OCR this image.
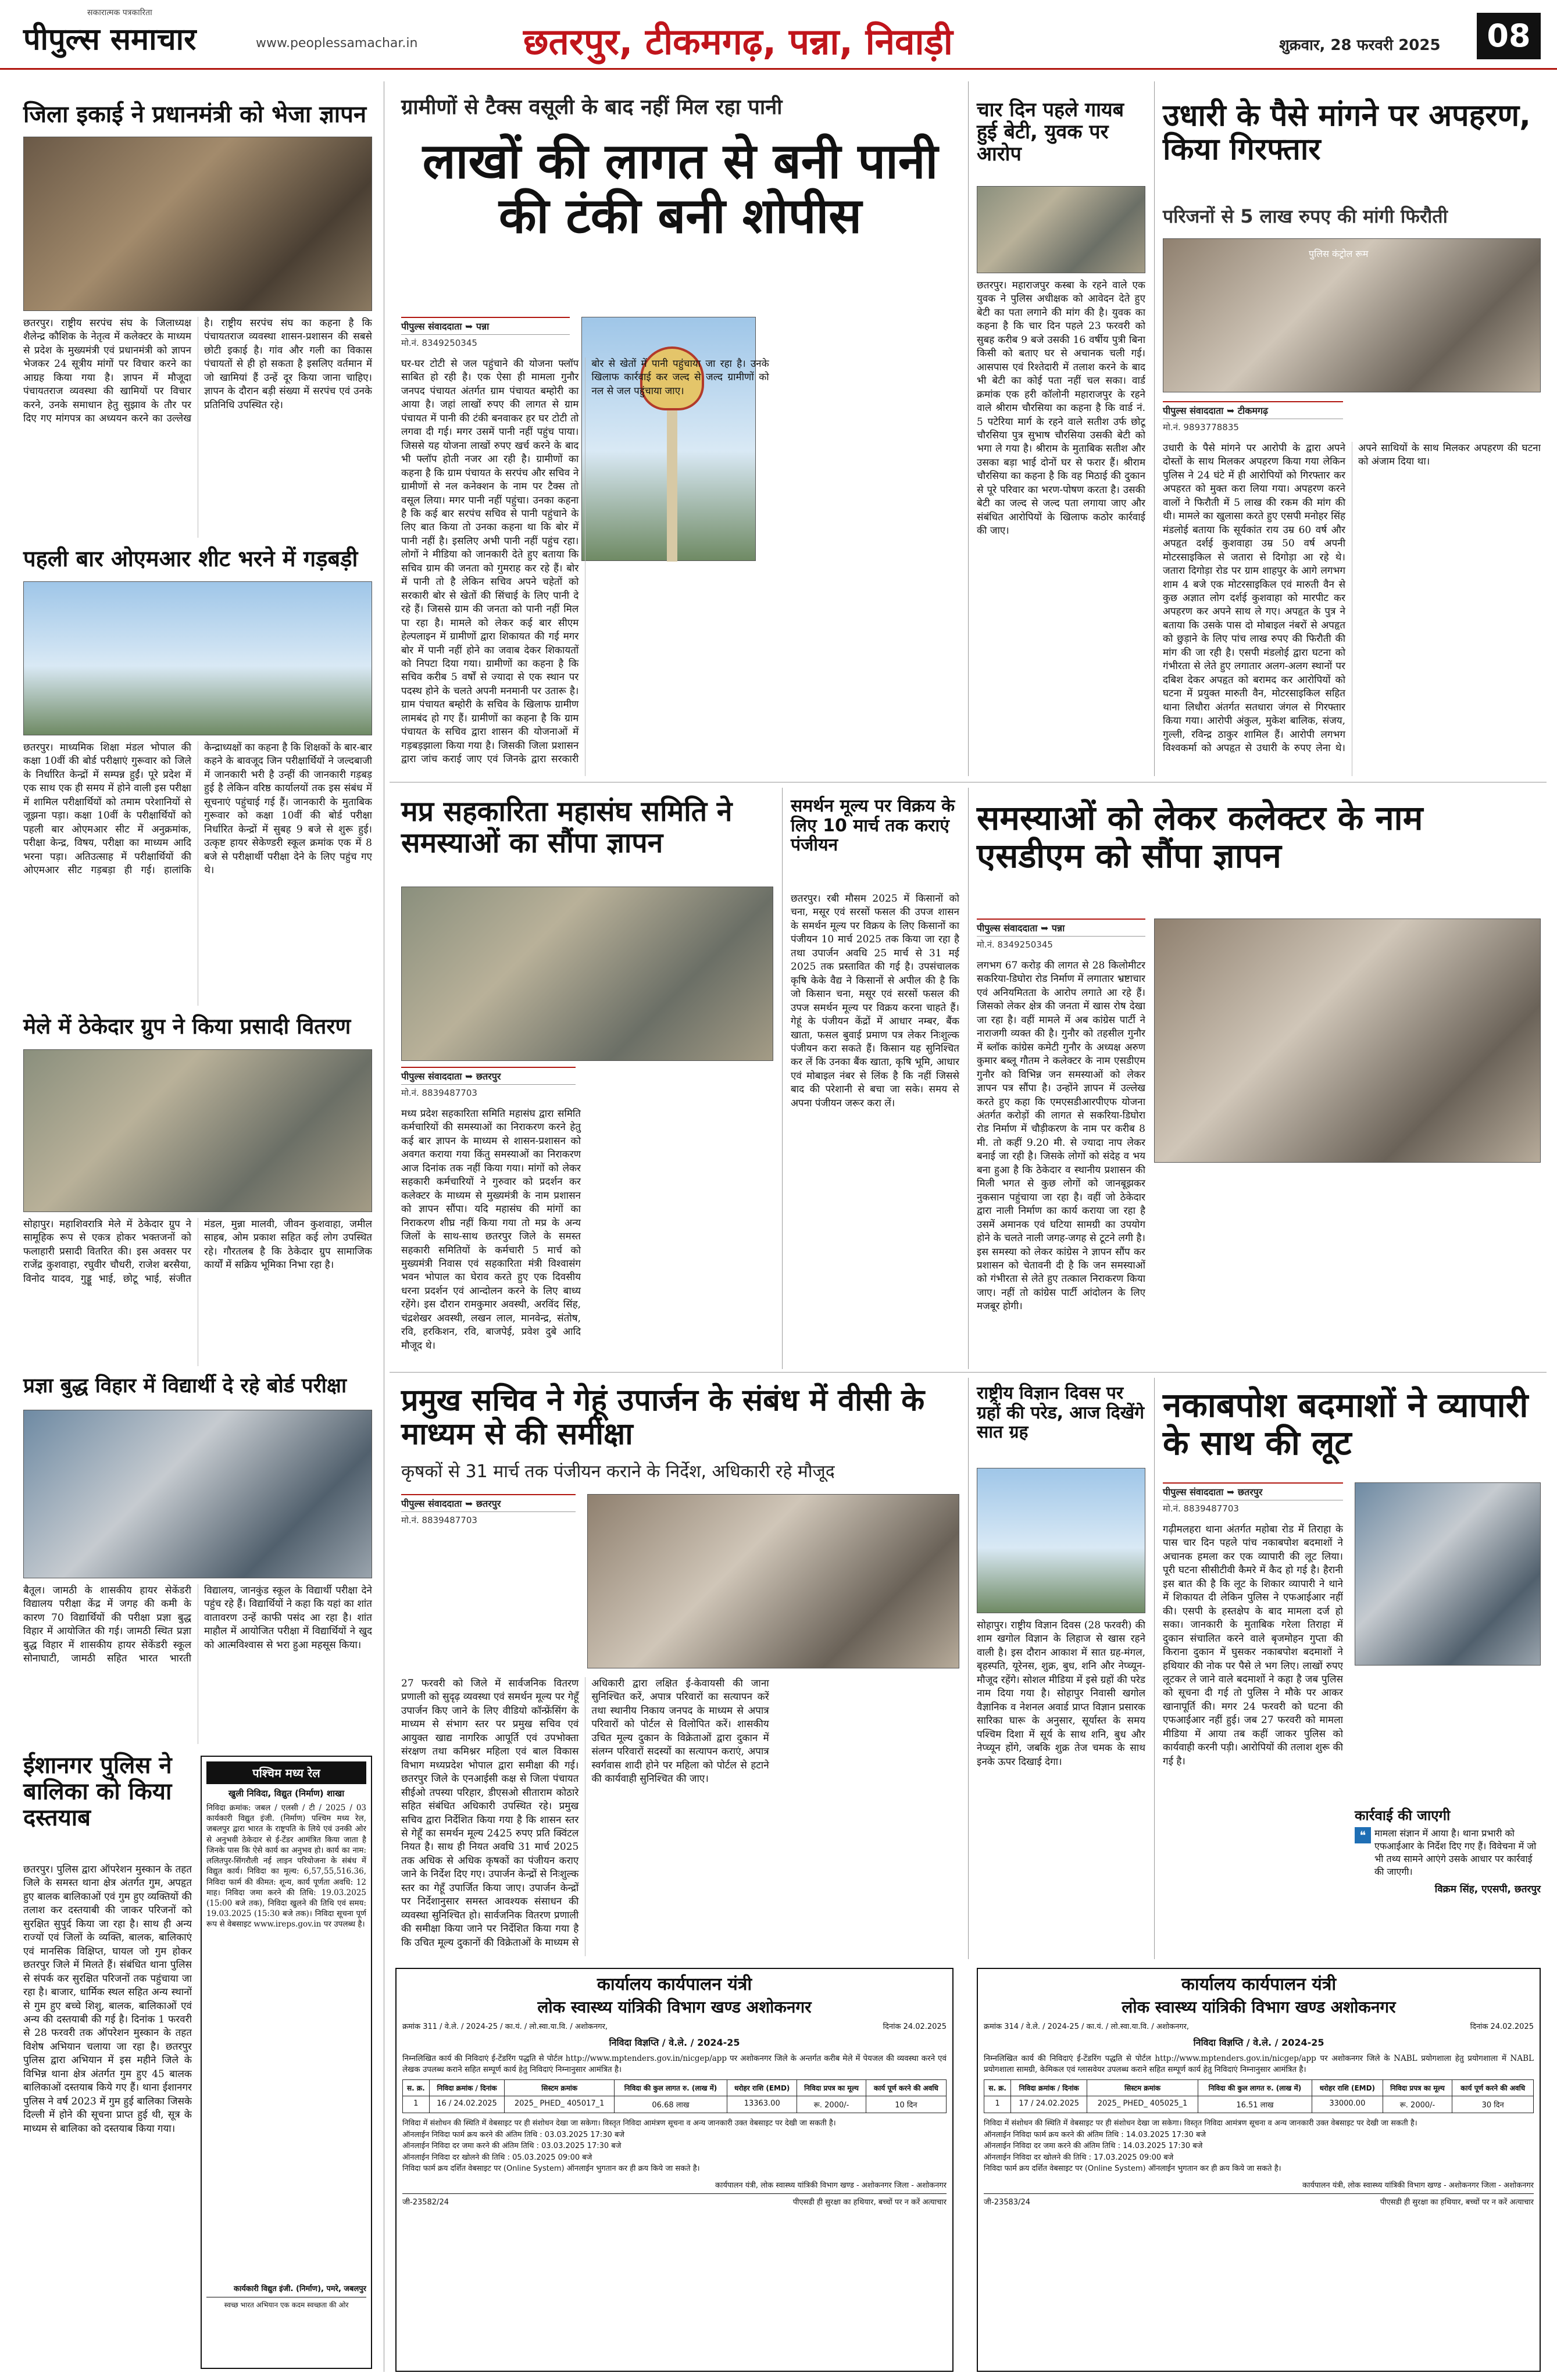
पीपुल्स समाचार
सकारात्मक पत्रकारिता
www.peoplessamachar.in	छतरपुर, टीकमगढ़, पन्ना, निवाड़ी	शुक्रवार, 28 फरवरी 2025	08
जिला इकाई ने प्रधानमंत्री को भेजा ज्ञापन
छतरपुर। राष्ट्रीय सरपंच संघ के जिलाध्यक्ष शैलेन्द्र कौशिक के नेतृत्व में कलेक्टर के माध्यम से प्रदेश के मुख्यमंत्री एवं प्रधानमंत्री को ज्ञापन भेजकर 24 सूत्रीय मांगों पर विचार करने का आग्रह किया गया है। ज्ञापन में मौजूदा पंचायतराज व्यवस्था की खामियों पर विचार करने, उनके समाधान हेतु सुझाव के तौर पर दिए गए मांगपत्र का अध्ययन करने का उल्लेख है। राष्ट्रीय सरपंच संघ का कहना है कि पंचायतराज व्यवस्था शासन-प्रशासन की सबसे छोटी इकाई है। गांव और गली का विकास पंचायतों से ही हो सकता है इसलिए वर्तमान में जो खामियां हैं उन्हें दूर किया जाना चाहिए। ज्ञापन के दौरान बड़ी संख्या में सरपंच एवं उनके प्रतिनिधि उपस्थित रहे।
पहली बार ओएमआर शीट भरने में गड़बड़ी
छतरपुर। माध्यमिक शिक्षा मंडल भोपाल की कक्षा 10वीं की बोर्ड परीक्षाएं गुरूवार को जिले के निर्धारित केन्द्रों में सम्पन्न हुईं। पूरे प्रदेश में एक साथ एक ही समय में होने वाली इस परीक्षा में शामिल परीक्षार्थियों को तमाम परेशानियों से जूझना पड़ा। कक्षा 10वीं के परीक्षार्थियों को पहली बार ओएमआर सीट में अनुक्रमांक, परीक्षा केन्द्र, विषय, परीक्षा का माध्यम आदि भरना पड़ा। अतिउत्साह में परीक्षार्थियों की ओएमआर सीट गड़बड़ा ही गई। हालांकि केन्द्राध्यक्षों का कहना है कि शिक्षकों के बार-बार कहने के बावजूद जिन परीक्षार्थियों ने जल्दबाजी में जानकारी भरी है उन्हीं की जानकारी गड़बड़ हुई है लेकिन वरिष्ठ कार्यालयों तक इस संबंध में सूचनाएं पहुंचाई गई हैं। जानकारी के मुताबिक गुरूवार को कक्षा 10वीं की बोर्ड परीक्षा निर्धारित केन्द्रों में सुबह 9 बजे से शुरू हुई। उत्कृष्ट हायर सेकेण्डरी स्कूल क्रमांक एक में 8 बजे से परीक्षार्थी परीक्षा देने के लिए पहुंच गए थे।
मेले में ठेकेदार ग्रुप ने किया प्रसादी वितरण
सोहापुर। महाशिवरात्रि मेले में ठेकेदार ग्रुप ने सामूहिक रूप से एकत्र होकर भक्तजनों को फलाहारी प्रसादी वितरित की। इस अवसर पर राजेंद्र कुशवाहा, रघुवीर चौधरी, राजेश बरसैया, विनोद यादव, गुड्डू भाई, छोटू भाई, संजीत मंडल, मुन्ना मालवी, जीवन कुशवाहा, जमील साहब, ओम प्रकाश सहित कई लोग उपस्थित रहे। गौरतलब है कि ठेकेदार ग्रुप सामाजिक कार्यों में सक्रिय भूमिका निभा रहा है।
प्रज्ञा बुद्ध विहार में विद्यार्थी दे रहे बोर्ड परीक्षा
बैतूल। जामठी के शासकीय हायर सेकेंडरी विद्यालय परीक्षा केंद्र में जगह की कमी के कारण 70 विद्यार्थियों की परीक्षा प्रज्ञा बुद्ध विहार में आयोजित की गई। जामठी स्थित प्रज्ञा बुद्ध विहार में शासकीय हायर सेकेंडरी स्कूल सोनाघाटी, जामठी सहित भारत भारती विद्यालय, जानकुंड स्कूल के विद्यार्थी परीक्षा देने पहुंच रहे हैं। विद्यार्थियों ने कहा कि यहां का शांत वातावरण उन्हें काफी पसंद आ रहा है। शांत माहौल में आयोजित परीक्षा में विद्यार्थियों ने खुद को आत्मविश्वास से भरा हुआ महसूस किया।
ईशानगर पुलिस ने बालिका को किया दस्तयाब
छतरपुर। पुलिस द्वारा ऑपरेशन मुस्कान के तहत जिले के समस्त थाना क्षेत्र अंतर्गत गुम, अपहृत हुए बालक बालिकाओं एवं गुम हुए व्यक्तियों की तलाश कर दस्तयाबी की जाकर परिजनों को सुरक्षित सुपुर्द किया जा रहा है। साथ ही अन्य राज्यों एवं जिलों के व्यक्ति, बालक, बालिकाएं एवं मानसिक विक्षिप्त, घायल जो गुम होकर छतरपुर जिले में मिलते हैं। संबंधित थाना पुलिस से संपर्क कर सुरक्षित परिजनों तक पहुंचाया जा रहा है। बाजार, धार्मिक स्थल सहित अन्य स्थानों से गुम हुए बच्चे शिशु, बालक, बालिकाओं एवं अन्य की दस्तयाबी की गई है। दिनांक 1 फरवरी से 28 फरवरी तक ऑपरेशन मुस्कान के तहत विशेष अभियान चलाया जा रहा है। छतरपुर पुलिस द्वारा अभियान में इस महीने जिले के विभिन्न थाना क्षेत्र अंतर्गत गुम हुए 45 बालक बालिकाओं दस्तयाब किये गए हैं। थाना ईशानगर पुलिस ने वर्ष 2023 में गुम हुई बालिका जिसके दिल्ली में होने की सूचना प्राप्त हुई थी, सूत्र के माध्यम से बालिका को दस्तयाब किया गया।
पश्चिम मध्य रेल
खुली निविदा, विद्युत (निर्माण) शाखा
निविदा क्रमांक: जबल / एलसी / टी / 2025 / 03 कार्यकारी विद्युत इंजी. (निर्माण) पश्चिम मध्य रेल, जबलपुर द्वारा भारत के राष्ट्रपति के लिये एवं उनकी ओर से अनुभवी ठेकेदार से ई-टेंडर आमंत्रित किया जाता है जिनके पास कि ऐसे कार्य का अनुभव हो। कार्य का नाम: ललितपुर-सिंगरौली नई लाइन परियोजना के संबंध में विद्युत कार्य। निविदा का मूल्य: 6,57,55,516.36, निविदा फार्म की कीमत: शून्य, कार्य पूर्णता अवधि: 12 माह। निविदा जमा करने की तिथि: 19.03.2025 (15:00 बजे तक), निविदा खुलने की तिथि एवं समय: 19.03.2025 (15:30 बजे तक)। निविदा सूचना पूर्ण रूप से वेबसाइट www.ireps.gov.in पर उपलब्ध है।
कार्यकारी विद्युत इंजी. (निर्माण), पमरे, जबलपुर
स्वच्छ भारत अभियान एक कदम स्वच्छता की ओर
ग्रामीणों से टैक्स वसूली के बाद नहीं मिल रहा पानी
लाखों की लागत से बनी पानी की टंकी बनी शोपीस
पीपुल्स संवाददाता ➥ पन्ना
मो.नं. 8349250345
घर-घर टोटी से जल पहुंचाने की योजना फ्लॉप साबित हो रही है। एक ऐसा ही मामला गुनौर जनपद पंचायत अंतर्गत ग्राम पंचायत बम्होरी का आया है। जहां लाखों रुपए की लागत से ग्राम पंचायत में पानी की टंकी बनवाकर हर घर टोटी तो लगवा दी गई। मगर उसमें पानी नहीं पहुंच पाया। जिससे यह योजना लाखों रुपए खर्च करने के बाद भी फ्लॉप होती नजर आ रही है। ग्रामीणों का कहना है कि ग्राम पंचायत के सरपंच और सचिव ने ग्रामीणों से नल कनेक्शन के नाम पर टैक्स तो वसूल लिया। मगर पानी नहीं पहुंचा। उनका कहना है कि कई बार सरपंच सचिव से पानी पहुंचाने के लिए बात किया तो उनका कहना था कि बोर में पानी नहीं है। इसलिए अभी पानी नहीं पहुंच रहा। लोगों ने मीडिया को जानकारी देते हुए बताया कि सचिव ग्राम की जनता को गुमराह कर रहे हैं। बोर में पानी तो है लेकिन सचिव अपने चहेतों को सरकारी बोर से खेतों की सिंचाई के लिए पानी दे रहे हैं। जिससे ग्राम की जनता को पानी नहीं मिल पा रहा है। मामले को लेकर कई बार सीएम हेल्पलाइन में ग्रामीणों द्वारा शिकायत की गई मगर बोर में पानी नहीं होने का जवाब देकर शिकायतों को निपटा दिया गया। ग्रामीणों का कहना है कि सचिव करीब 5 वर्षों से ज्यादा से एक स्थान पर पदस्थ होने के चलते अपनी मनमानी पर उतारू है। ग्राम पंचायत बम्होरी के सचिव के खिलाफ ग्रामीण लामबंद हो गए हैं। ग्रामीणों का कहना है कि ग्राम पंचायत के सचिव द्वारा शासन की योजनाओं में गड़बड़झाला किया गया है। जिसकी जिला प्रशासन द्वारा जांच कराई जाए एवं जिनके द्वारा सरकारी बोर से खेतों में पानी पहुंचाया जा रहा है। उनके खिलाफ कार्रवाई कर जल्द से जल्द ग्रामीणों को नल से जल पहुंचाया जाए।
चार दिन पहले गायब हुई बेटी, युवक पर आरोप
छतरपुर। महाराजपुर कस्बा के रहने वाले एक युवक ने पुलिस अधीक्षक को आवेदन देते हुए बेटी का पता लगाने की मांग की है। युवक का कहना है कि चार दिन पहले 23 फरवरी को सुबह करीब 9 बजे उसकी 16 वर्षीय पुत्री बिना किसी को बताए घर से अचानक चली गई। आसपास एवं रिश्तेदारी में तलाश करने के बाद भी बेटी का कोई पता नहीं चल सका। वार्ड क्रमांक एक हरी कॉलोनी महाराजपुर के रहने वाले श्रीराम चौरसिया का कहना है कि वार्ड नं. 5 पटेरिया मार्ग के रहने वाले सतीश उर्फ छोटू चौरसिया पुत्र सुभाष चौरसिया उसकी बेटी को भगा ले गया है। श्रीराम के मुताबिक सतीश और उसका बड़ा भाई दोनों घर से फरार हैं। श्रीराम चौरसिया का कहना है कि वह मिठाई की दुकान से पूरे परिवार का भरण-पोषण करता है। उसकी बेटी का जल्द से जल्द पता लगाया जाए और संबंधित आरोपियों के खिलाफ कठोर कार्रवाई की जाए।
उधारी के पैसे मांगने पर अपहरण, किया गिरफ्तार
परिजनों से 5 लाख रुपए की मांगी फिरौती
पुलिस कंट्रोल रूम
पीपुल्स संवाददाता ➥ टीकमगढ़
मो.नं. 9893778835
उधारी के पैसे मांगने पर आरोपी के द्वारा अपने दोस्तों के साथ मिलकर अपहरण किया गया लेकिन पुलिस ने 24 घंटे में ही आरोपियों को गिरफ्तार कर अपहरत को मुक्त करा लिया गया। अपहरण करने वालों ने फिरौती में 5 लाख की रकम की मांग की थी। मामले का खुलासा करते हुए एसपी मनोहर सिंह मंडलोई बताया कि सूर्यकांत राय उम्र 60 वर्ष और अपहृत दर्शई कुशवाहा उम्र 50 वर्ष अपनी मोटरसाइकिल से जतारा से दिगोड़ा आ रहे थे। जतारा दिगोड़ा रोड पर ग्राम शाहपुर के आगे लगभग शाम 4 बजे एक मोटरसाइकिल एवं मारुती वैन से कुछ अज्ञात लोग दर्शई कुशवाहा को मारपीट कर अपहरण कर अपने साथ ले गए। अपहृत के पुत्र ने बताया कि उसके पास दो मोबाइल नंबरों से अपहृत को छुड़ाने के लिए पांच लाख रुपए की फिरौती की मांग की जा रही है। एसपी मंडलोई द्वारा घटना को गंभीरता से लेते हुए लगातार अलग-अलग स्थानों पर दबिश देकर अपहृत को बरामद कर आरोपियों को घटना में प्रयुक्त मारुती वैन, मोटरसाइकिल सहित थाना लिधौरा अंतर्गत सतधारा जंगल से गिरफ्तार किया गया। आरोपी अंकुल, मुकेश बालिक, संजय, गुल्ली, रविन्द्र ठाकुर शामिल हैं। आरोपी लगभग विश्वकर्मा को अपहृत से उधारी के रुपए लेना थे। अपने साथियों के साथ मिलकर अपहरण की घटना को अंजाम दिया था।
मप्र सहकारिता महासंघ समिति ने समस्याओं का सौंपा ज्ञापन
पीपुल्स संवाददाता ➥ छतरपुर
मो.नं. 8839487703
मध्य प्रदेश सहकारिता समिति महासंघ द्वारा समिति कर्मचारियों की समस्याओं का निराकरण करने हेतु कई बार ज्ञापन के माध्यम से शासन-प्रशासन को अवगत कराया गया किंतु समस्याओं का निराकरण आज दिनांक तक नहीं किया गया। मांगों को लेकर सहकारी कर्मचारियों ने गुरुवार को प्रदर्शन कर कलेक्टर के माध्यम से मुख्यमंत्री के नाम प्रशासन को ज्ञापन सौंपा। यदि महासंघ की मांगों का निराकरण शीघ्र नहीं किया गया तो मप्र के अन्य जिलों के साथ-साथ छतरपुर जिले के समस्त सहकारी समितियों के कर्मचारी 5 मार्च को मुख्यमंत्री निवास एवं सहकारिता मंत्री विश्वासंग भवन भोपाल का घेराव करते हुए एक दिवसीय धरना प्रदर्शन एवं आन्दोलन करने के लिए बाध्य रहेंगे। इस दौरान रामकुमार अवस्थी, अरविंद सिंह, चंद्रशेखर अवस्थी, लखन लाल, मानवेन्द्र, संतोष, रवि, हरकिशन, रवि, बाजपेई, प्रवेश दुबे आदि मौजूद थे।
समर्थन मूल्य पर विक्रय के लिए 10 मार्च तक कराएं पंजीयन
छतरपुर। रबी मौसम 2025 में किसानों को चना, मसूर एवं सरसों फसल की उपज शासन के समर्थन मूल्य पर विक्रय के लिए किसानों का पंजीयन 10 मार्च 2025 तक किया जा रहा है तथा उपार्जन अवधि 25 मार्च से 31 मई 2025 तक प्रस्तावित की गई है। उपसंचालक कृषि केके वैद्य ने किसानों से अपील की है कि जो किसान चना, मसूर एवं सरसों फसल की उपज समर्थन मूल्य पर विक्रय करना चाहते हैं। गेहूं के पंजीयन केंद्रों में आधार नम्बर, बैंक खाता, फसल बुवाई प्रमाण पत्र लेकर निःशुल्क पंजीयन करा सकते हैं। किसान यह सुनिश्चित कर लें कि उनका बैंक खाता, कृषि भूमि, आधार एवं मोबाइल नंबर से लिंक है कि नहीं जिससे बाद की परेशानी से बचा जा सके। समय से अपना पंजीयन जरूर करा लें।
समस्याओं को लेकर कलेक्टर के नाम एसडीएम को सौंपा ज्ञापन
पीपुल्स संवाददाता ➥ पन्ना
मो.नं. 8349250345
लगभग 67 करोड़ की लागत से 28 किलोमीटर सकरिया-डिघोरा रोड निर्माण में लगातार भ्रष्टाचार एवं अनियमितता के आरोप लगाते आ रहे हैं। जिसको लेकर क्षेत्र की जनता में खास रोष देखा जा रहा है। वहीं मामले में अब कांग्रेस पार्टी ने नाराजगी व्यक्त की है। गुनौर को तहसील गुनौर में ब्लॉक कांग्रेस कमेटी गुनौर के अध्यक्ष अरुण कुमार बब्लू गौतम ने कलेक्टर के नाम एसडीएम गुनौर को विभिन्न जन समस्याओं को लेकर ज्ञापन पत्र सौंपा है। उन्होंने ज्ञापन में उल्लेख करते हुए कहा कि एमएसडीआरपीएफ योजना अंतर्गत करोड़ों की लागत से सकरिया-डिघोरा रोड निर्माण में चौड़ीकरण के नाम पर करीब 8 मी. तो कहीं 9.20 मी. से ज्यादा नाप लेकर बनाई जा रही है। जिसके लोगों को संदेह व भय बना हुआ है कि ठेकेदार व स्थानीय प्रशासन की मिली भगत से कुछ लोगों को जानबूझकर नुकसान पहुंचाया जा रहा है। वहीं जो ठेकेदार द्वारा नाली निर्माण का कार्य कराया जा रहा है उसमें अमानक एवं घटिया सामग्री का उपयोग होने के चलते नाली जगह-जगह से टूटने लगी है। इस समस्या को लेकर कांग्रेस ने ज्ञापन सौंप कर प्रशासन को चेतावनी दी है कि जन समस्याओं को गंभीरता से लेते हुए तत्काल निराकरण किया जाए। नहीं तो कांग्रेस पार्टी आंदोलन के लिए मजबूर होगी।
प्रमुख सचिव ने गेहूं उपार्जन के संबंध में वीसी के माध्यम से की समीक्षा
कृषकों से 31 मार्च तक पंजीयन कराने के निर्देश, अधिकारी रहे मौजूद
पीपुल्स संवाददाता ➥ छतरपुर
मो.नं. 8839487703
27 फरवरी को जिले में सार्वजनिक वितरण प्रणाली को सुदृढ़ व्यवस्था एवं समर्थन मूल्य पर गेहूँ उपार्जन किए जाने के लिए वीडियो कॉन्फ्रेंसिंग के माध्यम से संभाग स्तर पर प्रमुख सचिव एवं आयुक्त खाद्य नागरिक आपूर्ति एवं उपभोक्ता संरक्षण तथा कमिश्नर महिला एवं बाल विकास विभाग मध्यप्रदेश भोपाल द्वारा समीक्षा की गई। छतरपुर जिले के एनआईसी कक्ष से जिला पंचायत सीईओ तपस्या परिहार, डीएसओ सीताराम कोठारे सहित संबंधित अधिकारी उपस्थित रहे। प्रमुख सचिव द्वारा निर्देशित किया गया है कि शासन स्तर से गेहूँ का समर्थन मूल्य 2425 रुपए प्रति क्विंटल नियत है। साथ ही नियत अवधि 31 मार्च 2025 तक अधिक से अधिक कृषकों का पंजीयन कराए जाने के निर्देश दिए गए। उपार्जन केन्द्रों से निःशुल्क स्तर का गेहूँ उपार्जित किया जाए। उपार्जन केन्द्रों पर निर्देशानुसार समस्त आवश्यक संसाधन की व्यवस्था सुनिश्चित हो। सार्वजनिक वितरण प्रणाली की समीक्षा किया जाने पर निर्देशित किया गया है कि उचित मूल्य दुकानों की विक्रेताओं के माध्यम से अधिकारी द्वारा लक्षित ई-केवायसी की जाना सुनिश्चित करें, अपात्र परिवारों का सत्यापन करें तथा स्थानीय निकाय जनपद के माध्यम से अपात्र परिवारों को पोर्टल से विलोपित करें। शासकीय उचित मूल्य दुकान के विक्रेताओं द्वारा दुकान में संलग्न परिवारों सदस्यों का सत्यापन कराएं, अपात्र स्वर्गवास शादी होने पर महिला को पोर्टल से हटाने की कार्यवाही सुनिश्चित की जाए।
राष्ट्रीय विज्ञान दिवस पर ग्रहों की परेड, आज दिखेंगे सात ग्रह
सोहापुर। राष्ट्रीय विज्ञान दिवस (28 फरवरी) की शाम खगोल विज्ञान के लिहाज से खास रहने वाली है। इस दौरान आकाश में सात ग्रह-मंगल, बृहस्पति, यूरेनस, शुक्र, बुध, शनि और नेप्च्यून-मौजूद रहेंगे। सोशल मीडिया में इसे ग्रहों की परेड नाम दिया गया है। सोहापुर निवासी खगोल वैज्ञानिक व नेशनल अवार्ड प्राप्त विज्ञान प्रसारक सारिका घारू के अनुसार, सूर्यास्त के समय पश्चिम दिशा में सूर्य के साथ शनि, बुध और नेप्च्यून होंगे, जबकि शुक्र तेज चमक के साथ इनके ऊपर दिखाई देगा।
नकाबपोश बदमाशों ने व्यापारी के साथ की लूट
पीपुल्स संवाददाता ➥ छतरपुर
मो.नं. 8839487703
गढ़ीमलहरा थाना अंतर्गत महोबा रोड में तिराहा के पास चार दिन पहले पांच नकाबपोश बदमाशों ने अचानक हमला कर एक व्यापारी की लूट लिया। पूरी घटना सीसीटीवी कैमरे में कैद हो गई है। हैरानी इस बात की है कि लूट के शिकार व्यापारी ने थाने में शिकायत दी लेकिन पुलिस ने एफआईआर नहीं की। एसपी के हस्तक्षेप के बाद मामला दर्ज हो सका। जानकारी के मुताबिक गरेला तिराहा में दुकान संचालित करने वाले बृजमोहन गुप्ता की किराना दुकान में घुसकर नकाबपोश बदमाशों ने हथियार की नोक पर पैसे ले भग लिए। लाखों रुपए लूटकर ले जाने वाले बदमाशों ने कहा है जब पुलिस को सूचना दी गई तो पुलिस ने मौके पर आकर खानापूर्ति की। मगर 24 फरवरी को घटना की एफआईआर नहीं हुई। जब 27 फरवरी को मामला मीडिया में आया तब कहीं जाकर पुलिस को कार्यवाही करनी पड़ी। आरोपियों की तलाश शुरू की गई है।
कार्रवाई की जाएगी
❝ मामला संज्ञान में आया है। थाना प्रभारी को एफआईआर के निर्देश दिए गए हैं। विवेचना में जो भी तथ्य सामने आएंगे उसके आधार पर कार्रवाई की जाएगी।
विक्रम सिंह, एएसपी, छतरपुर
कार्यालय कार्यपालन यंत्री
लोक स्वास्थ्य यांत्रिकी विभाग खण्ड अशोकनगर
क्रमांक 311 / वे.ले. / 2024-25 / का.यं. / लो.स्वा.या.वि. / अशोकनगर,	दिनांक 24.02.2025
निविदा विज्ञप्ति / वे.ले. / 2024-25
निम्नलिखित कार्य की निविदाएं ई-टेंडरिंग पद्धति से पोर्टल http://www.mptenders.gov.in/nicgep/app पर अशोकनगर जिले के अन्तर्गत करीब मेले में पेयजल की व्यवस्था करने एवं लेखक उपलब्ध कराने सहित सम्पूर्ण कार्य हेतु निविदाएं निम्नानुसार आमंत्रित है।
स. क्र.	निविदा क्रमांक / दिनांक	सिस्टम क्रमांक	निविदा की कुल लागत रु. (लाख में)	धरोहर राशि (EMD)	निविदा प्रपत्र का मूल्य	कार्य पूर्ण करने की अवधि
1	16 / 24.02.2025	2025_ PHED_ 405017_1	06.68 लाख	13363.00	रू. 2000/-	10 दिन
निविदा में संशोधन की स्थिति में वेबसाइट पर ही संशोधन देखा जा सकेगा। विस्तृत निविदा आमंत्रण सूचना व अन्य जानकारी उक्त वेबसाइट पर देखी जा सकती है।
ऑनलाईन निविदा फार्म क्रय करने की अंतिम तिथि : 03.03.2025 17:30 बजे
ऑनलाईन निविदा दर जमा करने की अंतिम तिथि : 03.03.2025 17:30 बजे
ऑनलाईन निविदा दर खोलने की तिथि : 05.03.2025 09:00 बजे
निविदा फार्म क्रय दर्शित वेबसाइट पर (Online System) ऑनलाईन भुगतान कर ही क्रय किये जा सकते है।
कार्यपालन यंत्री, लोक स्वास्थ्य यांत्रिकी विभाग खण्ड - अशोकनगर जिला - अशोकनगर
जी-23582/24	पीएसडी ही सुरक्षा का हथियार, बच्चों पर न करें अत्याचार
कार्यालय कार्यपालन यंत्री
लोक स्वास्थ्य यांत्रिकी विभाग खण्ड अशोकनगर
क्रमांक 314 / वे.ले. / 2024-25 / का.यं. / लो.स्वा.या.वि. / अशोकनगर,	दिनांक 24.02.2025
निविदा विज्ञप्ति / वे.ले. / 2024-25
निम्नलिखित कार्य की निविदाएं ई-टेंडरिंग पद्धति से पोर्टल http://www.mptenders.gov.in/nicgep/app पर अशोकनगर जिले के NABL प्रयोगशाला हेतु प्रयोगशाला में NABL प्रयोगशाला सामग्री, केमिकल एवं ग्लासवेयर उपलब्ध कराने सहित सम्पूर्ण कार्य हेतु निविदाएं निम्नानुसार आमंत्रित है।
स. क्र.	निविदा क्रमांक / दिनांक	सिस्टम क्रमांक	निविदा की कुल लागत रु. (लाख में)	धरोहर राशि (EMD)	निविदा प्रपत्र का मूल्य	कार्य पूर्ण करने की अवधि
1	17 / 24.02.2025	2025_ PHED_ 405025_1	16.51 लाख	33000.00	रू. 2000/-	30 दिन
निविदा में संशोधन की स्थिति में वेबसाइट पर ही संशोधन देखा जा सकेगा। विस्तृत निविदा आमंत्रण सूचना व अन्य जानकारी उक्त वेबसाइट पर देखी जा सकती है।
ऑनलाईन निविदा फार्म क्रय करने की अंतिम तिथि : 14.03.2025 17:30 बजे
ऑनलाईन निविदा दर जमा करने की अंतिम तिथि : 14.03.2025 17:30 बजे
ऑनलाईन निविदा दर खोलने की तिथि : 17.03.2025 09:00 बजे
निविदा फार्म क्रय दर्शित वेबसाइट पर (Online System) ऑनलाईन भुगतान कर ही क्रय किये जा सकते है।
कार्यपालन यंत्री, लोक स्वास्थ्य यांत्रिकी विभाग खण्ड - अशोकनगर जिला - अशोकनगर
जी-23583/24	पीएसडी ही सुरक्षा का हथियार, बच्चों पर न करें अत्याचार
